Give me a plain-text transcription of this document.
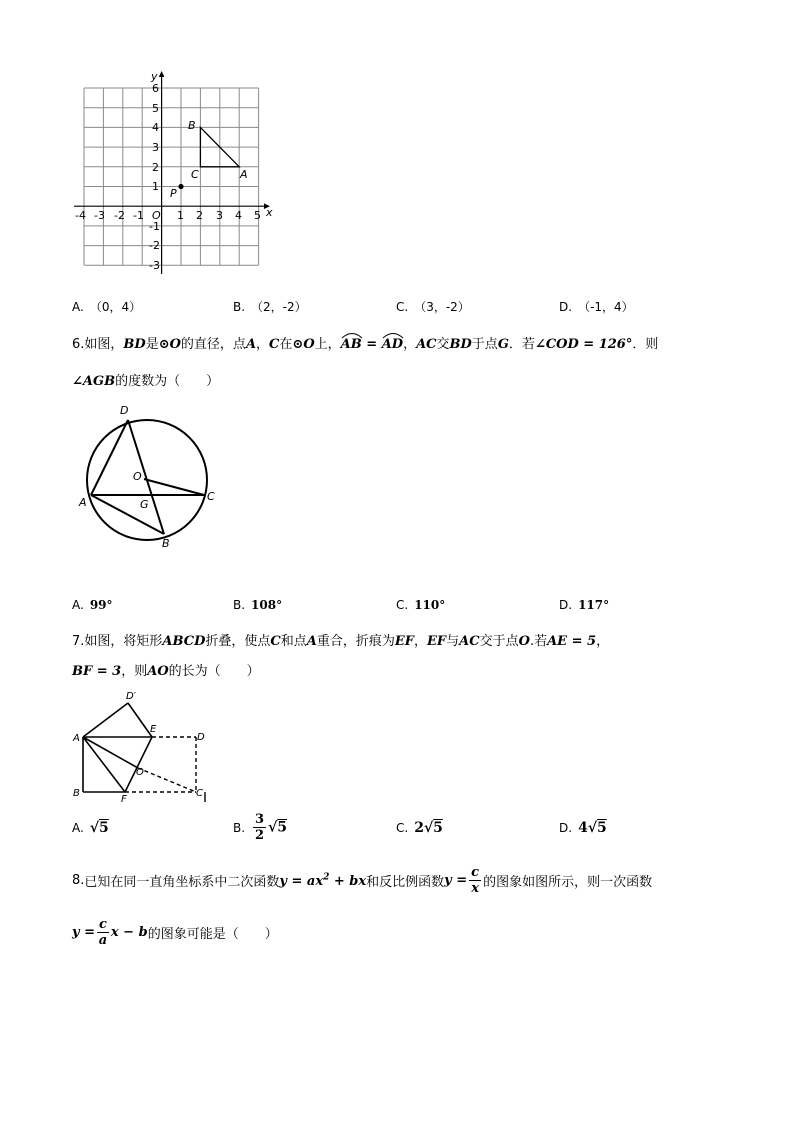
x
y
-4 -3 -2 -1 O 1 2 3 4 5
6
5
4
3
2
1
-1
-2
-3
B
C	A
P
A. （0，4）	B. （2，-2）	C. （3，-2）	D. （-1，4）
6.如图，BD是⊙O的直径，点A，C在⊙O上，AB
= AD
，AC交BD于点G．若∠COD = 126°．则
∠AGB的度数为（　　）
D
O
A	G
C
B
A. 99°	B. 108°	C. 110°	D. 117°
7.如图，将矩形ABCD折叠，使点C和点A重合，折痕为EF，EF与AC交于点O.若AE = 5，
BF = 3，则AO的长为（　　）
D′
A
E
D
O
B
F
C
A. √5	B. $\frac{3}{2} √5$	C. 2√5	D. 4√5
8.已知在同一直角坐标系中二次函数$y = ax^2$ + bx和反比例函数$y = \frac{c}{x}$ 的图象如图所示，则一次函数
$y = \frac{c}{a}$ x − b的图象可能是（　　）
